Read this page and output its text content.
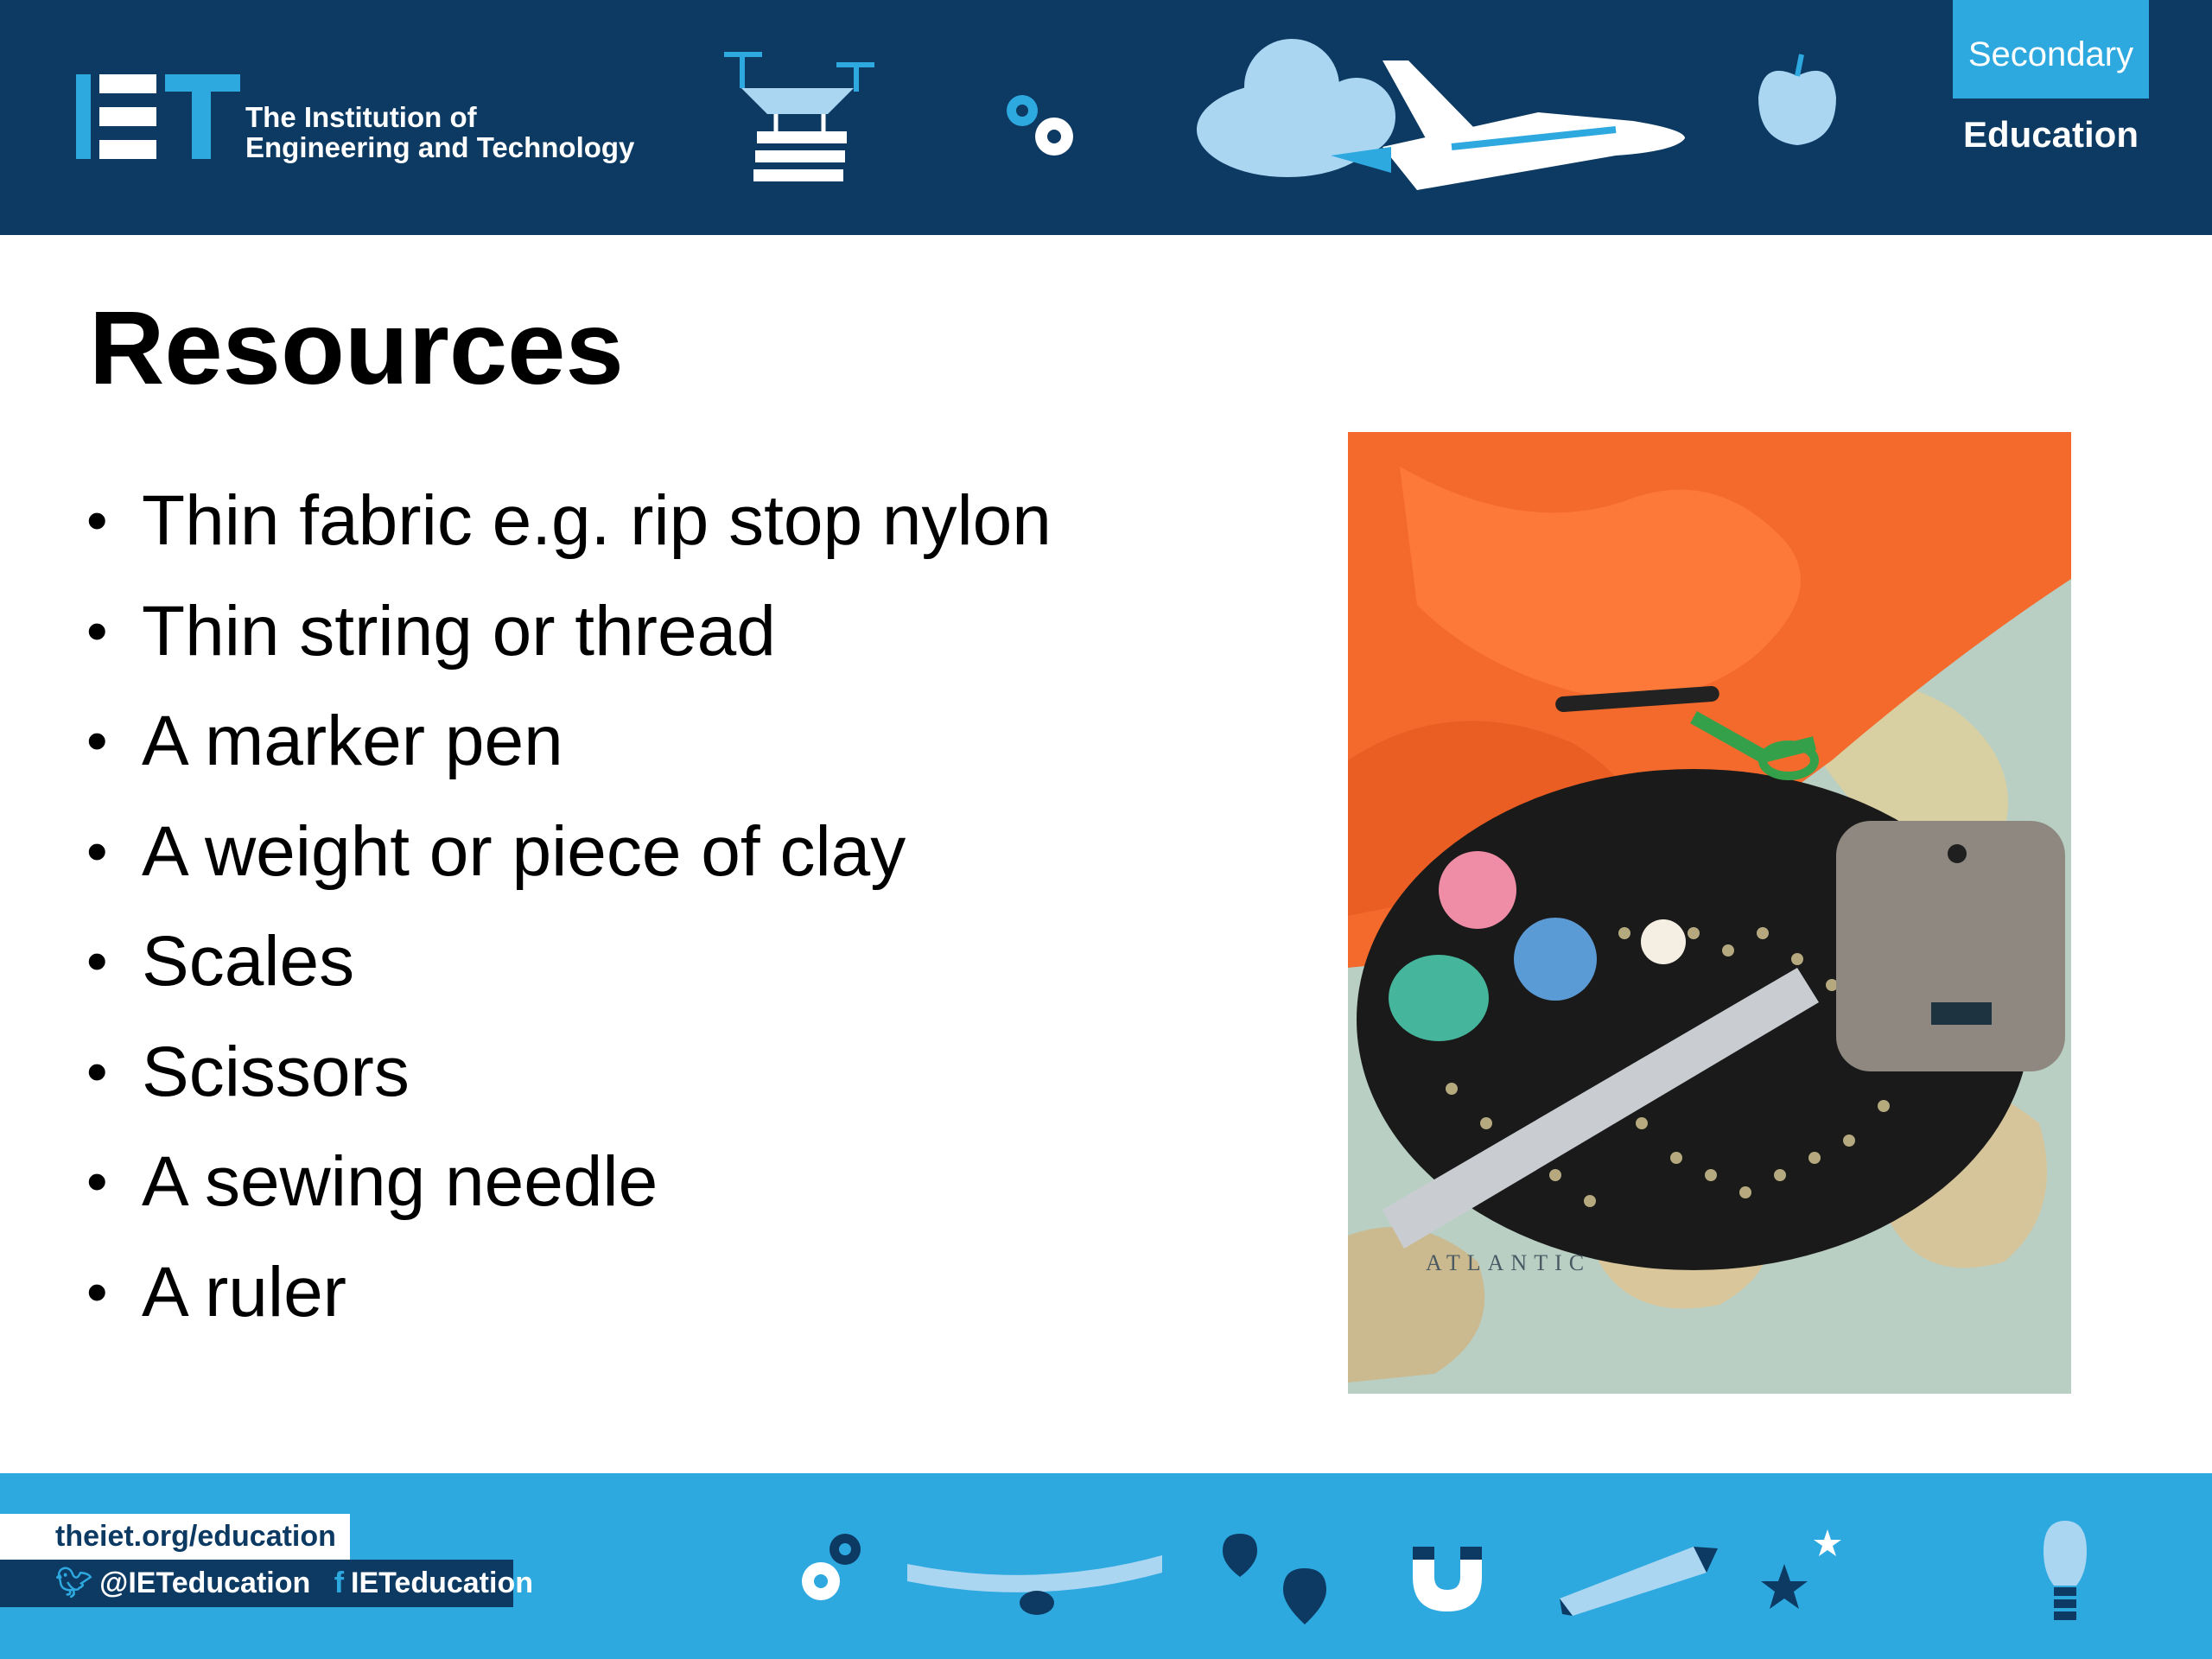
The Institution of
Engineering and Technology
Secondary
Education
Resources
• Thin fabric e.g. rip stop nylon
• Thin string or thread
• A marker pen
• A weight or piece of clay
• Scales
• Scissors
• A sewing needle
• A ruler	ATLANTIC
theiet.org/education
🐦︎ @IETeducation f IETeducation
